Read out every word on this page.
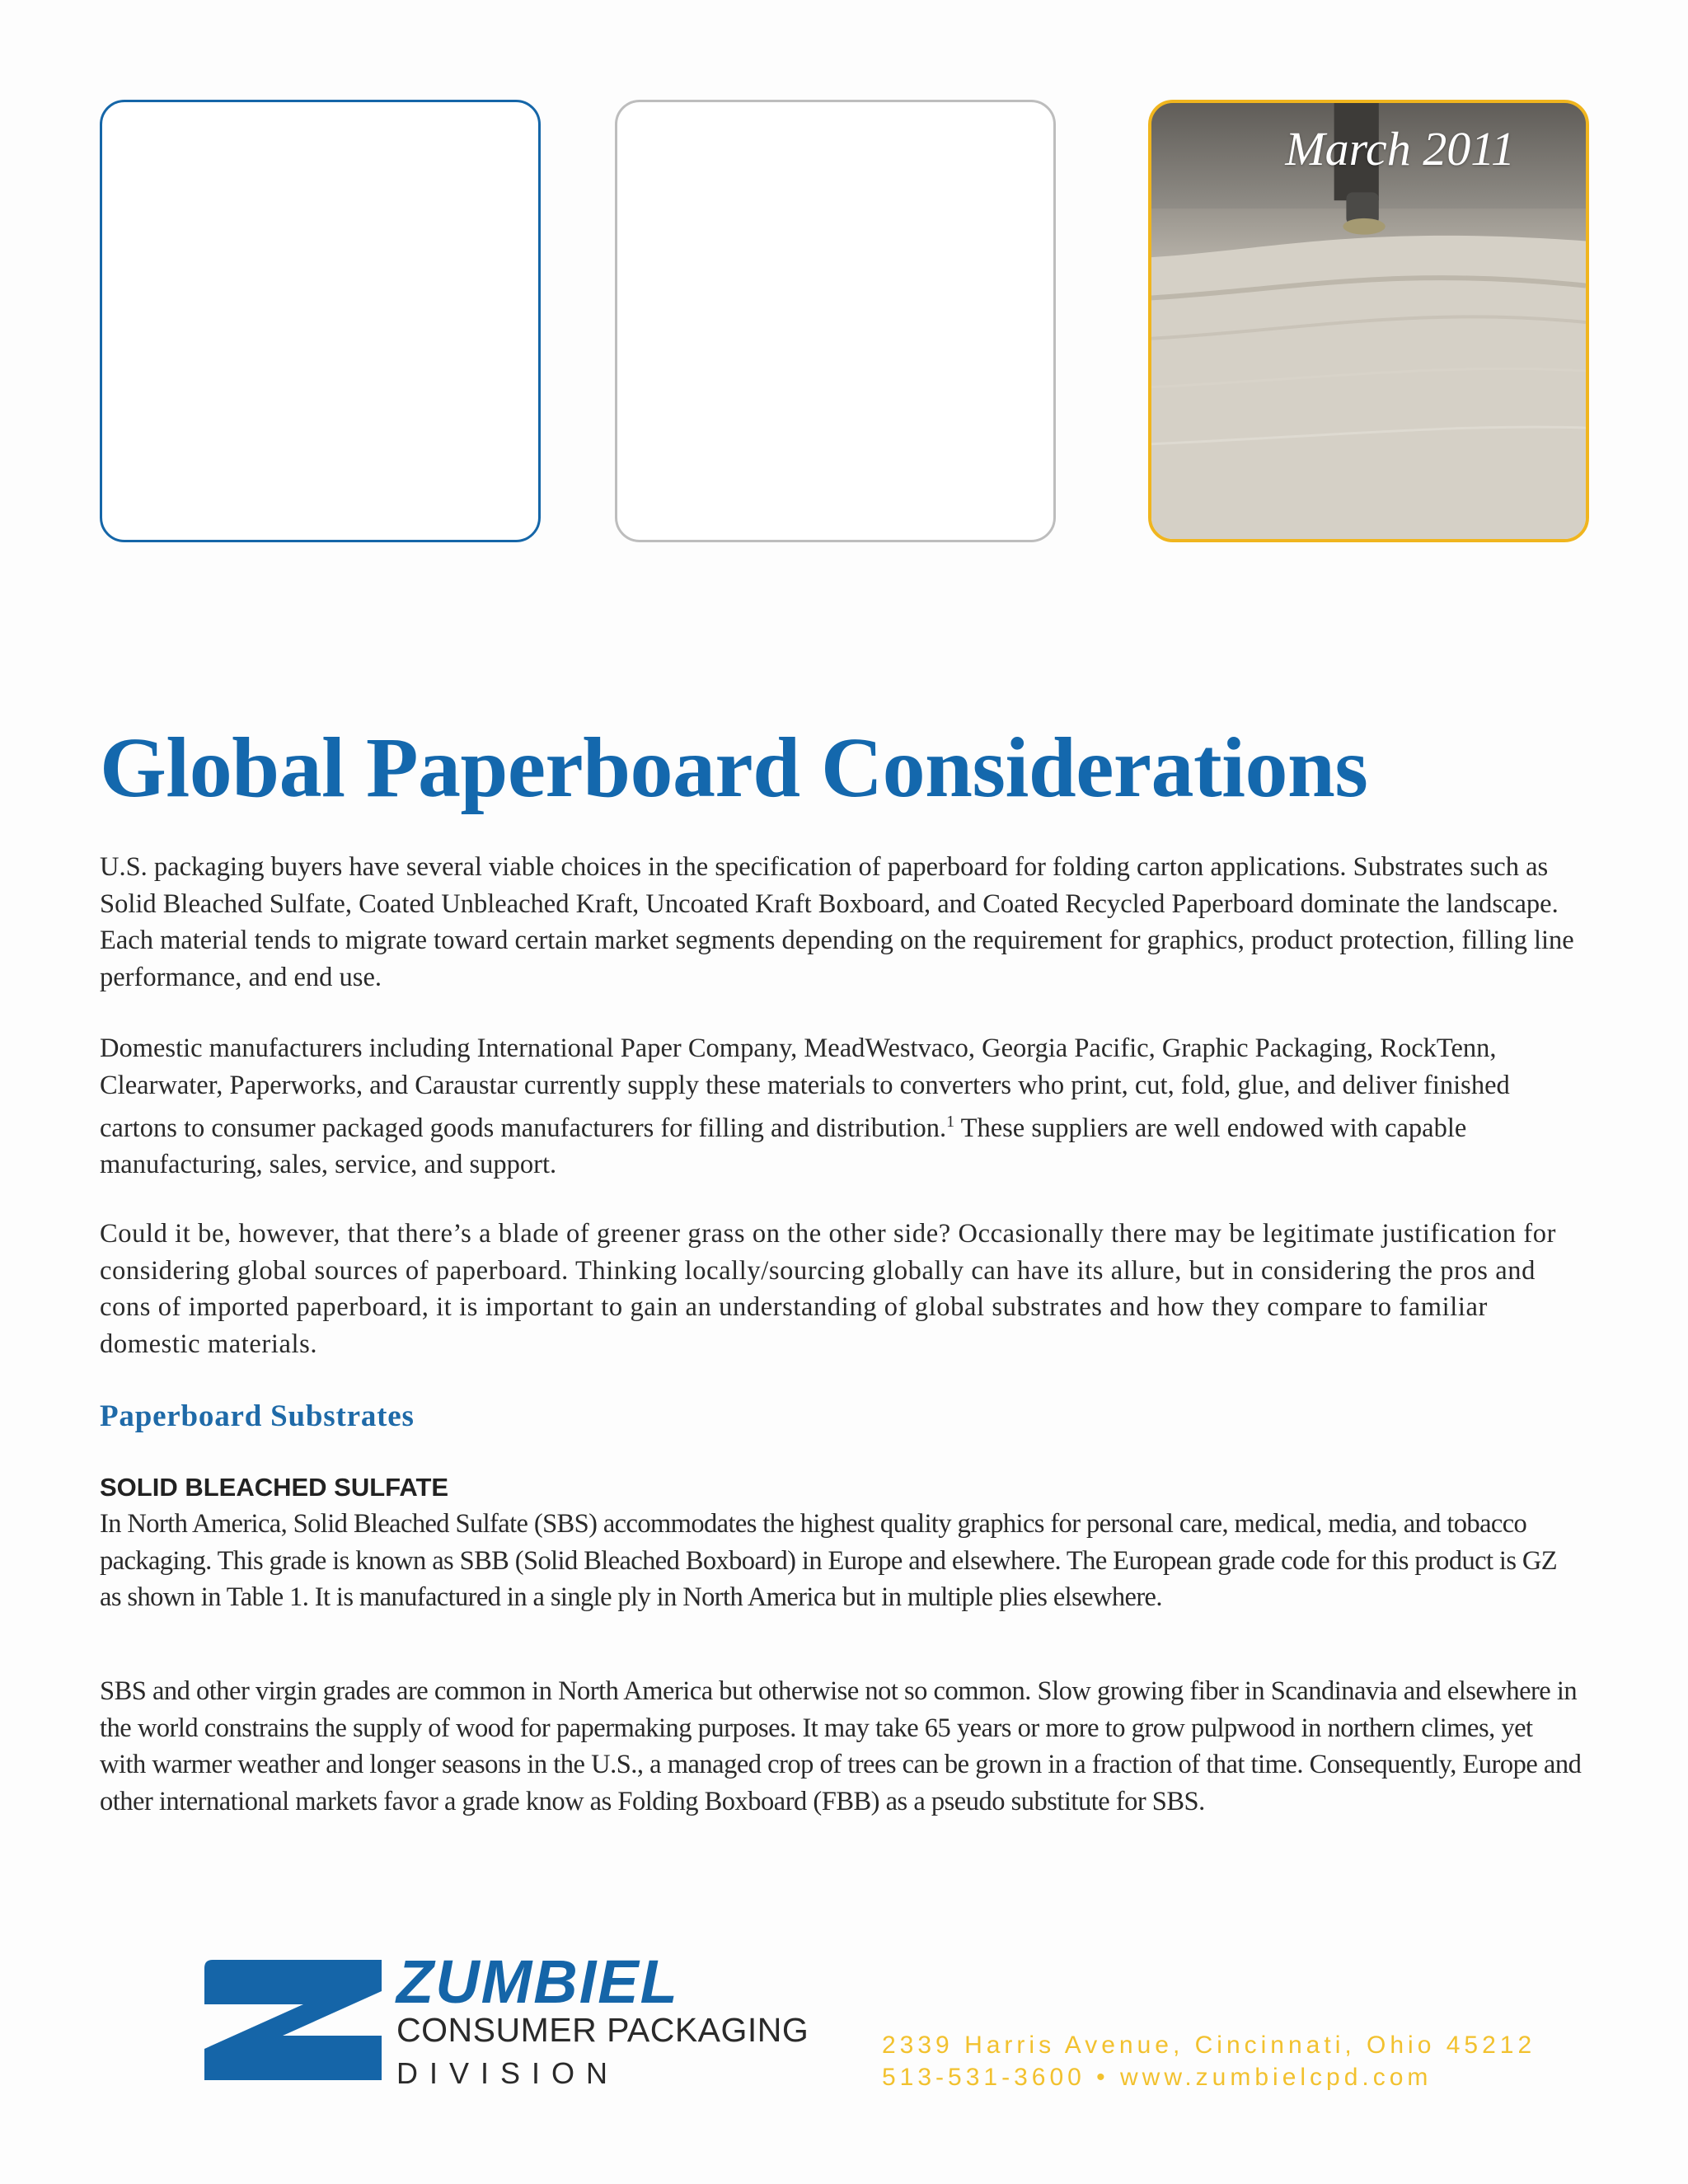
March 2011
Global Paperboard Considerations

U.S. packaging buyers have several viable choices in the specification of paperboard for folding carton applications. Substrates such as Solid Bleached Sulfate, Coated Unbleached Kraft, Uncoated Kraft Boxboard, and Coated Recycled Paperboard dominate the landscape. Each material tends to migrate toward certain market segments depending on the requirement for graphics, product protection, filling line performance, and end use.

Domestic manufacturers including International Paper Company, MeadWestvaco, Georgia Pacific, Graphic Packaging, RockTenn, Clearwater, Paperworks, and Caraustar currently supply these materials to converters who print, cut, fold, glue, and deliver finished cartons to consumer packaged goods manufacturers for filling and distribution.$^1$ These suppliers are well endowed with capable manufacturing, sales, service, and support.

Could it be, however, that there’s a blade of greener grass on the other side? Occasionally there may be legitimate justification for considering global sources of paperboard. Thinking locally/sourcing globally can have its allure, but in considering the pros and cons of imported paperboard, it is important to gain an understanding of global substrates and how they compare to familiar domestic materials.

Paperboard Substrates
SOLID BLEACHED SULFATE

In North America, Solid Bleached Sulfate (SBS) accommodates the highest quality graphics for personal care, medical, media, and tobacco packaging. This grade is known as SBB (Solid Bleached Boxboard) in Europe and elsewhere. The European grade code for this product is GZ as shown in Table 1. It is manufactured in a single ply in North America but in multiple plies elsewhere.

SBS and other virgin grades are common in North America but otherwise not so common. Slow growing fiber in Scandinavia and elsewhere in the world constrains the supply of wood for papermaking purposes. It may take 65 years or more to grow pulpwood in northern climes, yet with warmer weather and longer seasons in the U.S., a managed crop of trees can be grown in a fraction of that time. Consequently, Europe and other international markets favor a grade know as Folding Boxboard (FBB) as a pseudo substitute for SBS.

ZUMBIEL
CONSUMER PACKAGING
DIVISION
2339 Harris Avenue, Cincinnati, Ohio 45212
513-531-3600 • www.zumbielcpd.com
